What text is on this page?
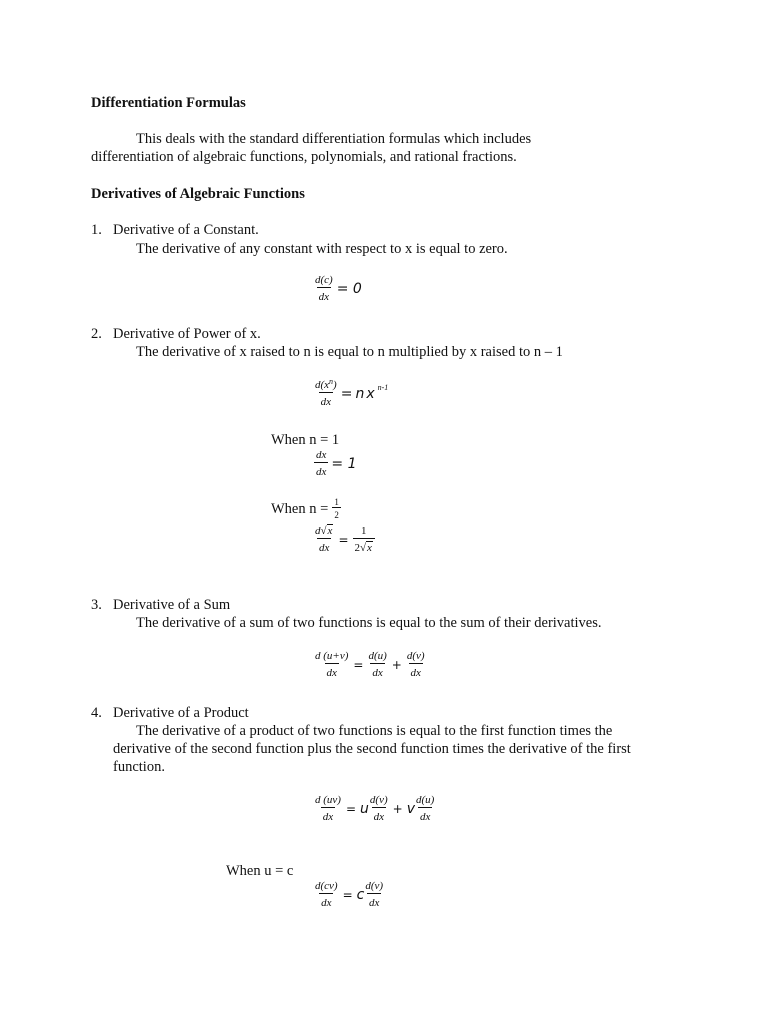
Differentiation Formulas
This deals with the standard differentiation formulas which includes
differentiation of algebraic functions, polynomials, and rational fractions.
Derivatives of Algebraic Functions
1. Derivative of a Constant.
The derivative of any constant with respect to x is equal to zero.
$\frac{d(c)}{dx} = 0$
2. Derivative of Power of x.
The derivative of x raised to n is equal to n multiplied by x raised to n – 1
$\frac{d(x^n)}{dx} = n$ x $^{n-1}$
When n = 1
$\frac{dx}{dx} = 1$
When $n = \frac{1}{2}$
$\frac{d√x}{dx} = \frac{1}{2√x}$
3. Derivative of a Sum
The derivative of a sum of two functions is equal to the sum of their derivatives.
$\frac{d (u+v)}{dx} = \frac{d(u)}{dx} + \frac{d(v)}{dx}$
4. Derivative of a Product
The derivative of a product of two functions is equal to the first function times the
derivative of the second function plus the second function times the derivative of the first
function.
$\frac{d (uv)}{dx} = u \frac{d(v)}{dx} + v \frac{d(u)}{dx}$
When u = c
$\frac{d(cv)}{dx} = c \frac{d(v)}{dx}$
